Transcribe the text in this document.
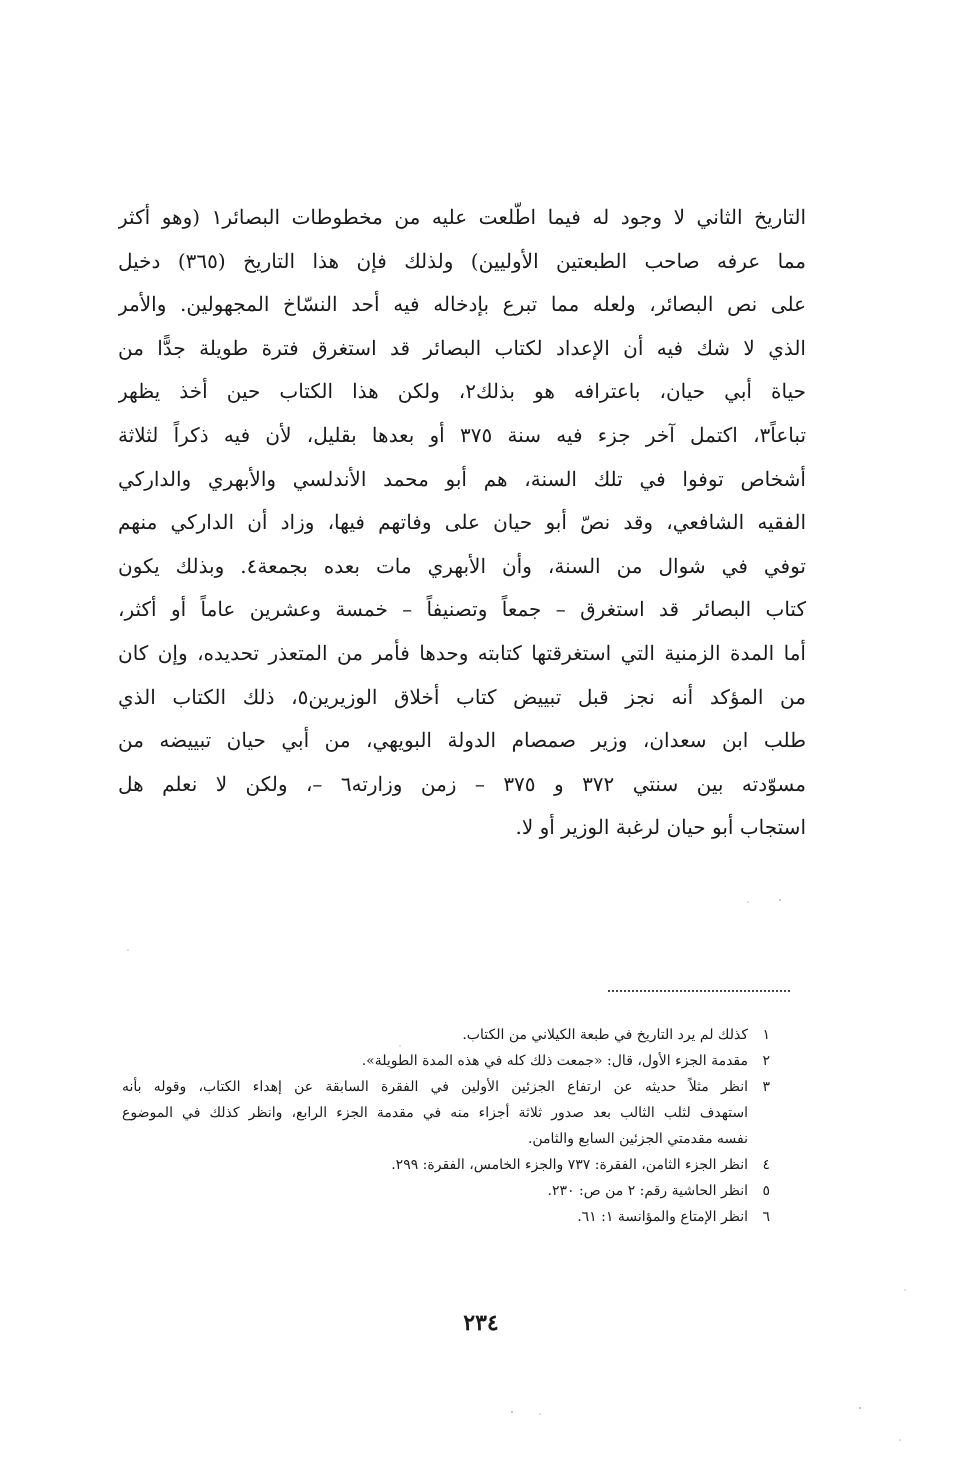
التاريخ الثاني لا وجود له فيما اطّلعت عليه من مخطوطات البصائر١ (وهو أكثر
مما عرفه صاحب الطبعتين الأوليين) ولذلك فإن هذا التاريخ (٣٦٥) دخيل
على نص البصائر، ولعله مما تبرع بإدخاله فيه أحد النسّاخ المجهولين. والأمر
الذي لا شك فيه أن الإعداد لكتاب البصائر قد استغرق فترة طويلة جدًّا من
حياة أبي حيان، باعترافه هو بذلك٢، ولكن هذا الكتاب حين أخذ يظهر
تباعاً٣، اكتمل آخر جزء فيه سنة ٣٧٥ أو بعدها بقليل، لأن فيه ذكراً لثلاثة
أشخاص توفوا في تلك السنة، هم أبو محمد الأندلسي والأبهري والداركي
الفقيه الشافعي، وقد نصّ أبو حيان على وفاتهم فيها، وزاد أن الداركي منهم
توفي في شوال من السنة، وأن الأبهري مات بعده بجمعة٤. وبذلك يكون
كتاب البصائر قد استغرق – جمعاً وتصنيفاً – خمسة وعشرين عاماً أو أكثر،
أما المدة الزمنية التي استغرقتها كتابته وحدها فأمر من المتعذر تحديده، وإن كان
من المؤكد أنه نجز قبل تبييض كتاب أخلاق الوزيرين٥، ذلك الكتاب الذي
طلب ابن سعدان، وزير صمصام الدولة البويهي، من أبي حيان تبييضه من
مسوّدته بين سنتي ٣٧٢ و ٣٧٥ – زمن وزارته٦ –، ولكن لا نعلم هل
استجاب أبو حيان لرغبة الوزير أو لا.
١
كذلك لم يرد التاريخ في طبعة الكيلاني من الكتاب.
٢
مقدمة الجزء الأول، قال: «جمعت ذلك كله في هذه المدة الطويلة».
٣
انظر مثلاً حديثه عن ارتفاع الجزئين الأولين في الفقرة السابقة عن إهداء الكتاب، وقوله بأنه
استهدف لثلب الثالب بعد صدور ثلاثة أجزاء منه في مقدمة الجزء الرابع، وانظر كذلك في الموضوع
نفسه مقدمتي الجزئين السابع والثامن.
٤
انظر الجزء الثامن، الفقرة: ٧٣٧ والجزء الخامس، الفقرة: ٢٩٩.
٥
انظر الحاشية رقم: ٢ من ص: ٢٣٠.
٦
انظر الإمتاع والمؤانسة ١: ٦١.
٢٣٤
